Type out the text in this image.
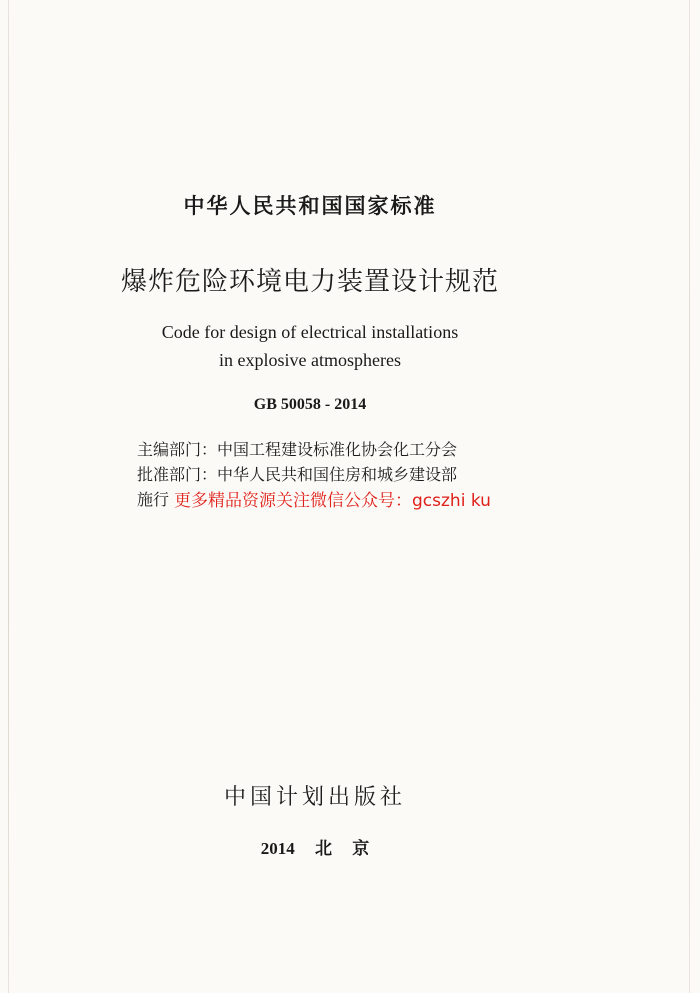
中华人民共和国国家标准
爆炸危险环境电力装置设计规范
Code for design of electrical installations
in explosive atmospheres
GB 50058 - 2014
主编部门：中国工程建设标准化协会化工分会
批准部门：中华人民共和国住房和城乡建设部
施行 更多精品资源关注微信公众号：gcszhi ku
中国计划出版社
2014 北 京
